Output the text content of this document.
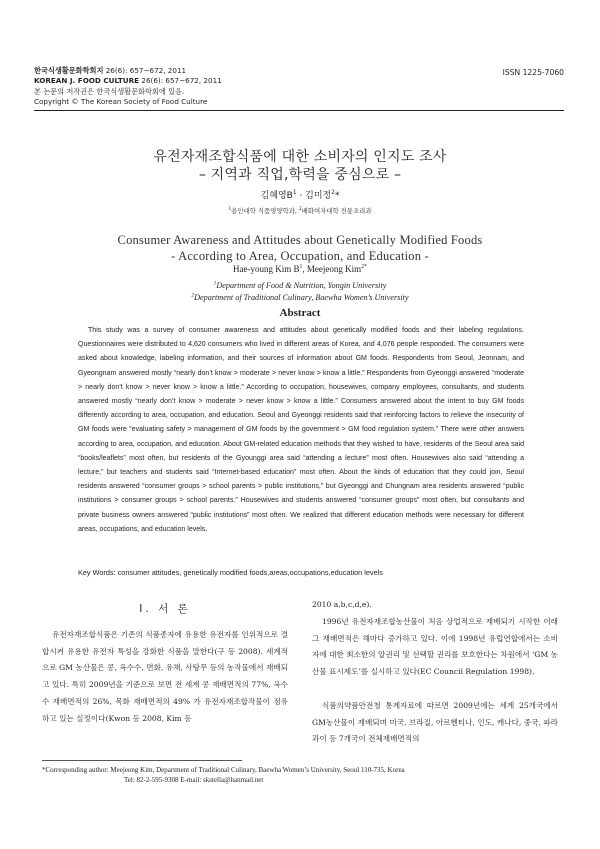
한국식생활문화학회지 26(6): 657~672, 2011
KOREAN J. FOOD CULTURE 26(6): 657~672, 2011
본 논문의 저작권은 한국식생활문화학회에 있음.
Copyright © The Korean Society of Food Culture
ISSN 1225-7060
유전자재조합식품에 대한 소비자의 인지도 조사
– 지역과 직업,학력을 중심으로 –
김혜영$B^1$ · 김미정$^2$*
$^1$용인대학 식품영양학과, $^2$배화여자대학 전통조리과
Consumer Awareness and Attitudes about Genetically Modified Foods
- According to Area, Occupation, and Education -
Hae-young Kim $B^1$, Meejeong Kim$^{2*}$
$^1$Department of Food & Nutrition, Yongin University
$^2$Department of Traditional Culinary, Baewha Women’s University
Abstract

This study was a survey of consumer awareness and attitudes about genetically modified foods and their labeling regulations. Questionnaires were distributed to 4,620 consumers who lived in different areas of Korea, and 4,076 people responded. The consumers were asked about knowledge, labeling information, and their sources of information about GM foods. Respondents from Seoul, Jeonnam, and Gyeongnam answered mostly “nearly don’t know > moderate > never know > know a little.” Respondents from Gyeonggi answered “moderate > nearly don’t know > never know > know a little.” According to occupation, housewives, company employees, consultants, and students answered mostly “nearly don’t know > moderate > never know > know a little.” Consumers answered about the intent to buy GM foods differently according to area, occupation, and education. Seoul and Gyeonggi residents said that reinforcing factors to relieve the insecurity of GM foods were “evaluating safety > management of GM foods by the government > GM food regulation system.” There were other answers according to area, occupation, and education. About GM-related education methods that they wished to have, residents of the Seoul area said “books/leaflets” most often, but residents of the Gyounggi area said “attending a lecture” most often. Housewives also said “attending a lecture,” but teachers and students said “Internet-based education” most often. About the kinds of education that they could join, Seoul residents answered “consumer groups > school parents > public institutions,” but Gyeonggi and Chungnam area residents answered “public institutions > consumer groups > school parents.” Housewives and students answered “consumer groups” most often, but consultants and private business owners answered “public institutions” most often. We realized that different education methods were necessary for different areas, occupations, and education levels.

Key Words: consumer attitudes, genetically modified foods,areas,occupations,education levels
I. 서 론

유전자재조합식품은 기존의 식품종자에 유용한 유전자를 인위적으로 결합시켜 유용한 유전자 특성을 강화한 식품을 말한다(구 등 2008). 세계적으로 GM 농산물은 콩, 옥수수, 면화, 유채, 사탕무 등의 농작물에서 재배되고 있다. 특히 2009년을 기준으로 보면 전 세계 콩 재배면적의 77%, 옥수수 재배면적의 26%, 목화 재배면적의 49% 가 유전자재조합작물이 점유하고 있는 실정이다(Kwon 등 2008, Kim 등

2010 a,b,c,d,e).

1996년 유전자재조합농산물이 처음 상업적으로 재배되기 시작한 이래 그 재배면적은 해마다 증가하고 있다. 이에 1998년 유럽연합에서는 소비자에 대한 최소한의 알권리 및 선택할 권리를 보호한다는 차원에서 ‘GM 농산물 표시제도’를 실시하고 있다(EC Council Regulation 1998).

식품의약품안전청 통계자료에 따르면 2009년에는 세계 25개국에서 GM농산물이 재배되며 미국, 브라질, 아르헨티나, 인도, 캐나다, 중국, 파라과이 등 7개국이 전체재배면적의

*Corresponding author: Meejeong Kim, Department of Traditional Culinary, Baewha Women’s University, Seoul 110-735, Korea
Tel: 82-2-595-9308 E-mail: skstella@hanmail.net
